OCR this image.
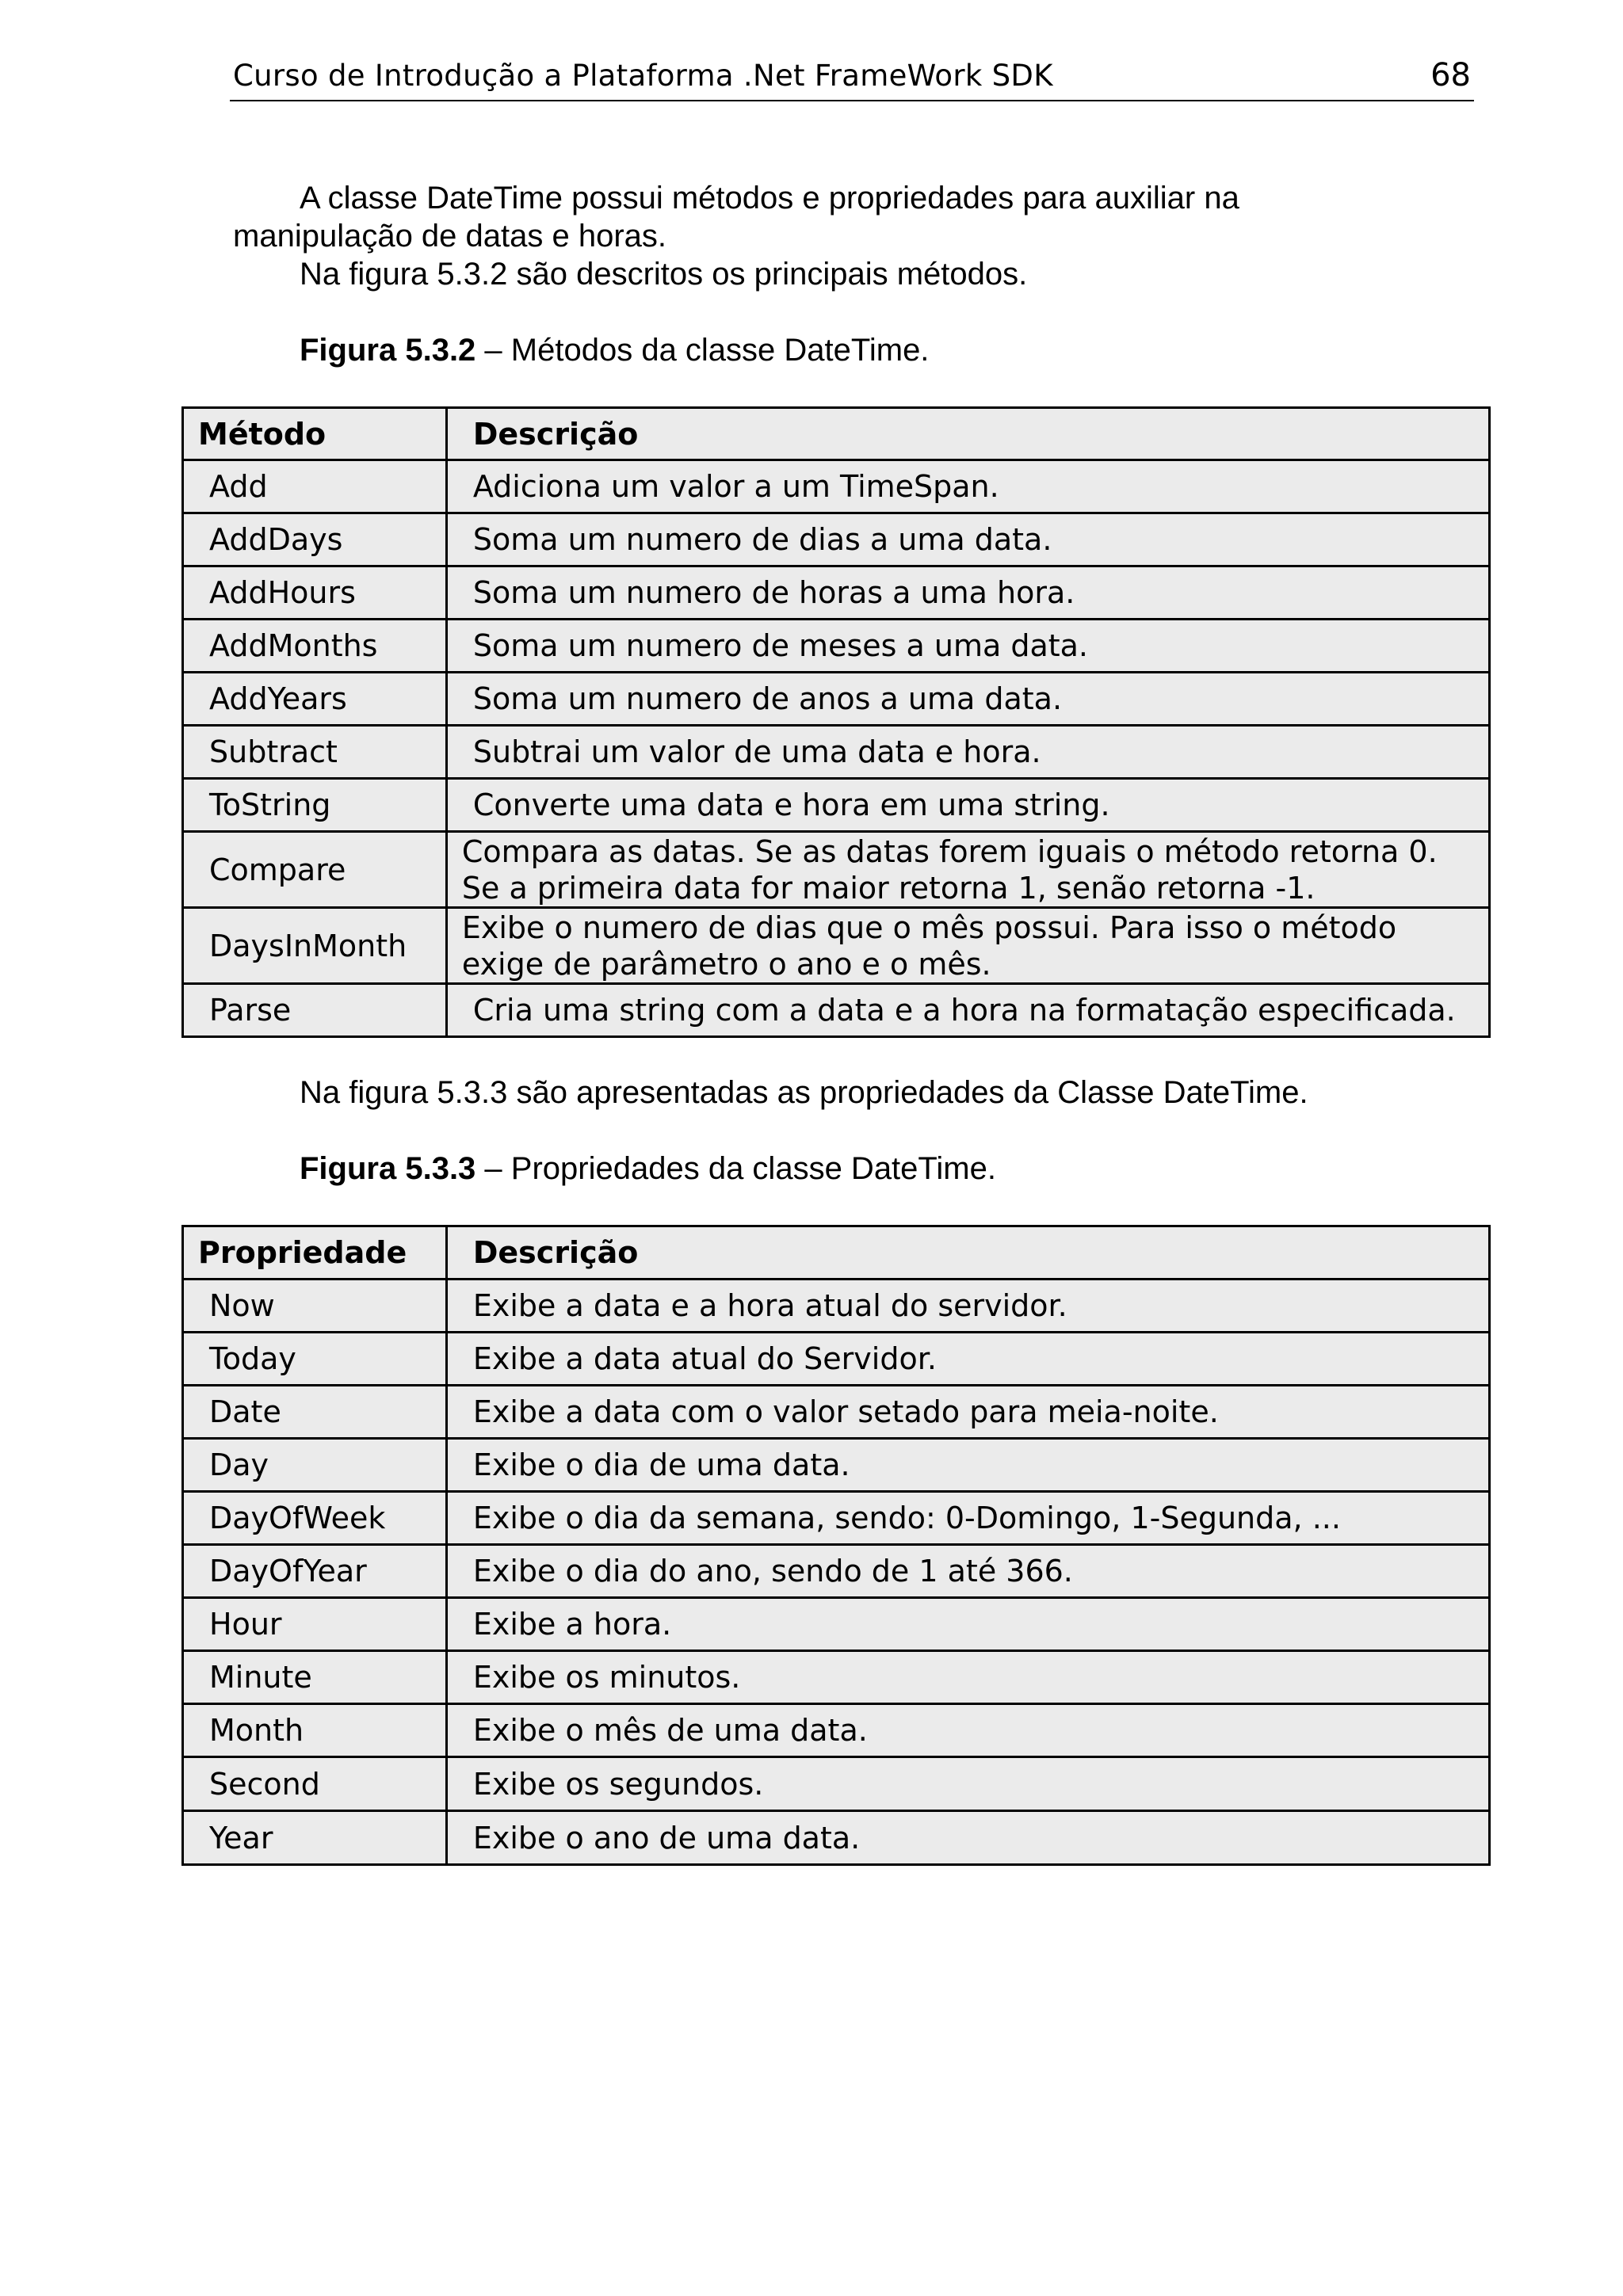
Curso de Introdução a Plataforma .Net FrameWork SDK	68
A classe DateTime possui métodos e propriedades para auxiliar na
manipulação de datas e horas.
Na figura 5.3.2 são descritos os principais métodos.
Figura 5.3.2 – Métodos da classe DateTime.
Método	Descrição
Add	Adiciona um valor a um TimeSpan.
AddDays	Soma um numero de dias a uma data.
AddHours	Soma um numero de horas a uma hora.
AddMonths	Soma um numero de meses a uma data.
AddYears	Soma um numero de anos a uma data.
Subtract	Subtrai um valor de uma data e hora.
ToString	Converte uma data e hora em uma string.
Compare	Compara as datas. Se as datas forem iguais o método retorna 0.
Se a primeira data for maior retorna 1, senão retorna -1.

DaysInMonth	Exibe o numero de dias que o mês possui. Para isso o método
exige de parâmetro o ano e o mês.

Parse	Cria uma string com a data e a hora na formatação especificada.
Na figura 5.3.3 são apresentadas as propriedades da Classe DateTime.
Figura 5.3.3 – Propriedades da classe DateTime.
Propriedade	Descrição
Now	Exibe a data e a hora atual do servidor.
Today	Exibe a data atual do Servidor.
Date	Exibe a data com o valor setado para meia-noite.
Day	Exibe o dia de uma data.
DayOfWeek	Exibe o dia da semana, sendo: 0-Domingo, 1-Segunda, ...
DayOfYear	Exibe o dia do ano, sendo de 1 até 366.
Hour	Exibe a hora.
Minute	Exibe os minutos.
Month	Exibe o mês de uma data.
Second	Exibe os segundos.
Year	Exibe o ano de uma data.
